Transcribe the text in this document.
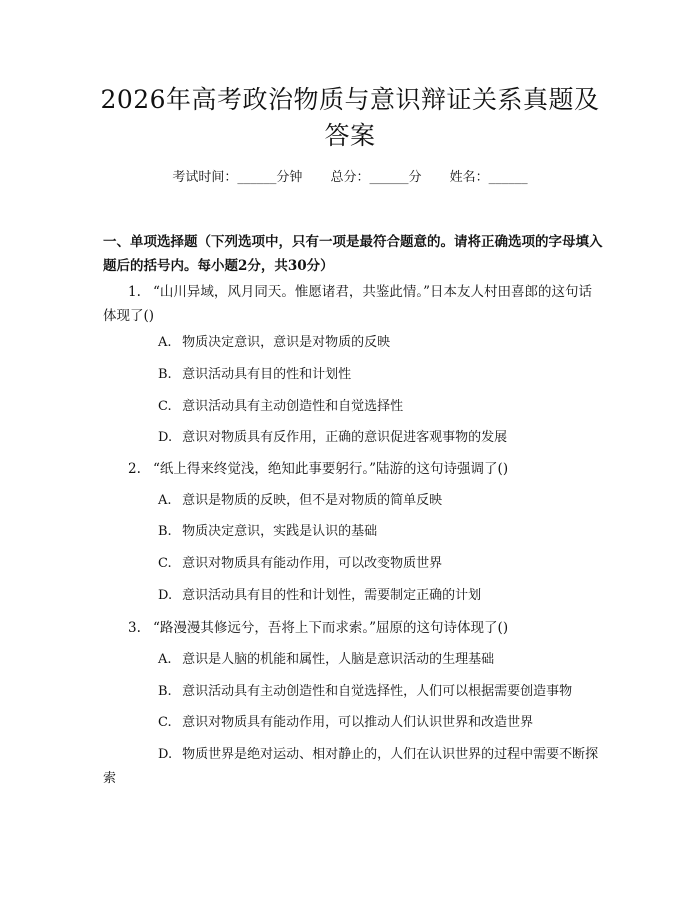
2026年高考政治物质与意识辩证关系真题及答案
考试时间：______分钟 总分：______分 姓名：______
一、单项选择题（下列选项中，只有一项是最符合题意的。请将正确选项的字母填入题后的括号内。每小题2分，共30分）
1. “山川异域，风月同天。惟愿诸君，共鉴此情。”日本友人村田喜郎的这句话体现了()
A. 物质决定意识，意识是对物质的反映
B. 意识活动具有目的性和计划性
C. 意识活动具有主动创造性和自觉选择性
D. 意识对物质具有反作用，正确的意识促进客观事物的发展
2. “纸上得来终觉浅，绝知此事要躬行。”陆游的这句诗强调了()
A. 意识是物质的反映，但不是对物质的简单反映
B. 物质决定意识，实践是认识的基础
C. 意识对物质具有能动作用，可以改变物质世界
D. 意识活动具有目的性和计划性，需要制定正确的计划
3. “路漫漫其修远兮，吾将上下而求索。”屈原的这句诗体现了()
A. 意识是人脑的机能和属性，人脑是意识活动的生理基础
B. 意识活动具有主动创造性和自觉选择性，人们可以根据需要创造事物
C. 意识对物质具有能动作用，可以推动人们认识世界和改造世界
D. 物质世界是绝对运动、相对静止的，人们在认识世界的过程中需要不断探索
